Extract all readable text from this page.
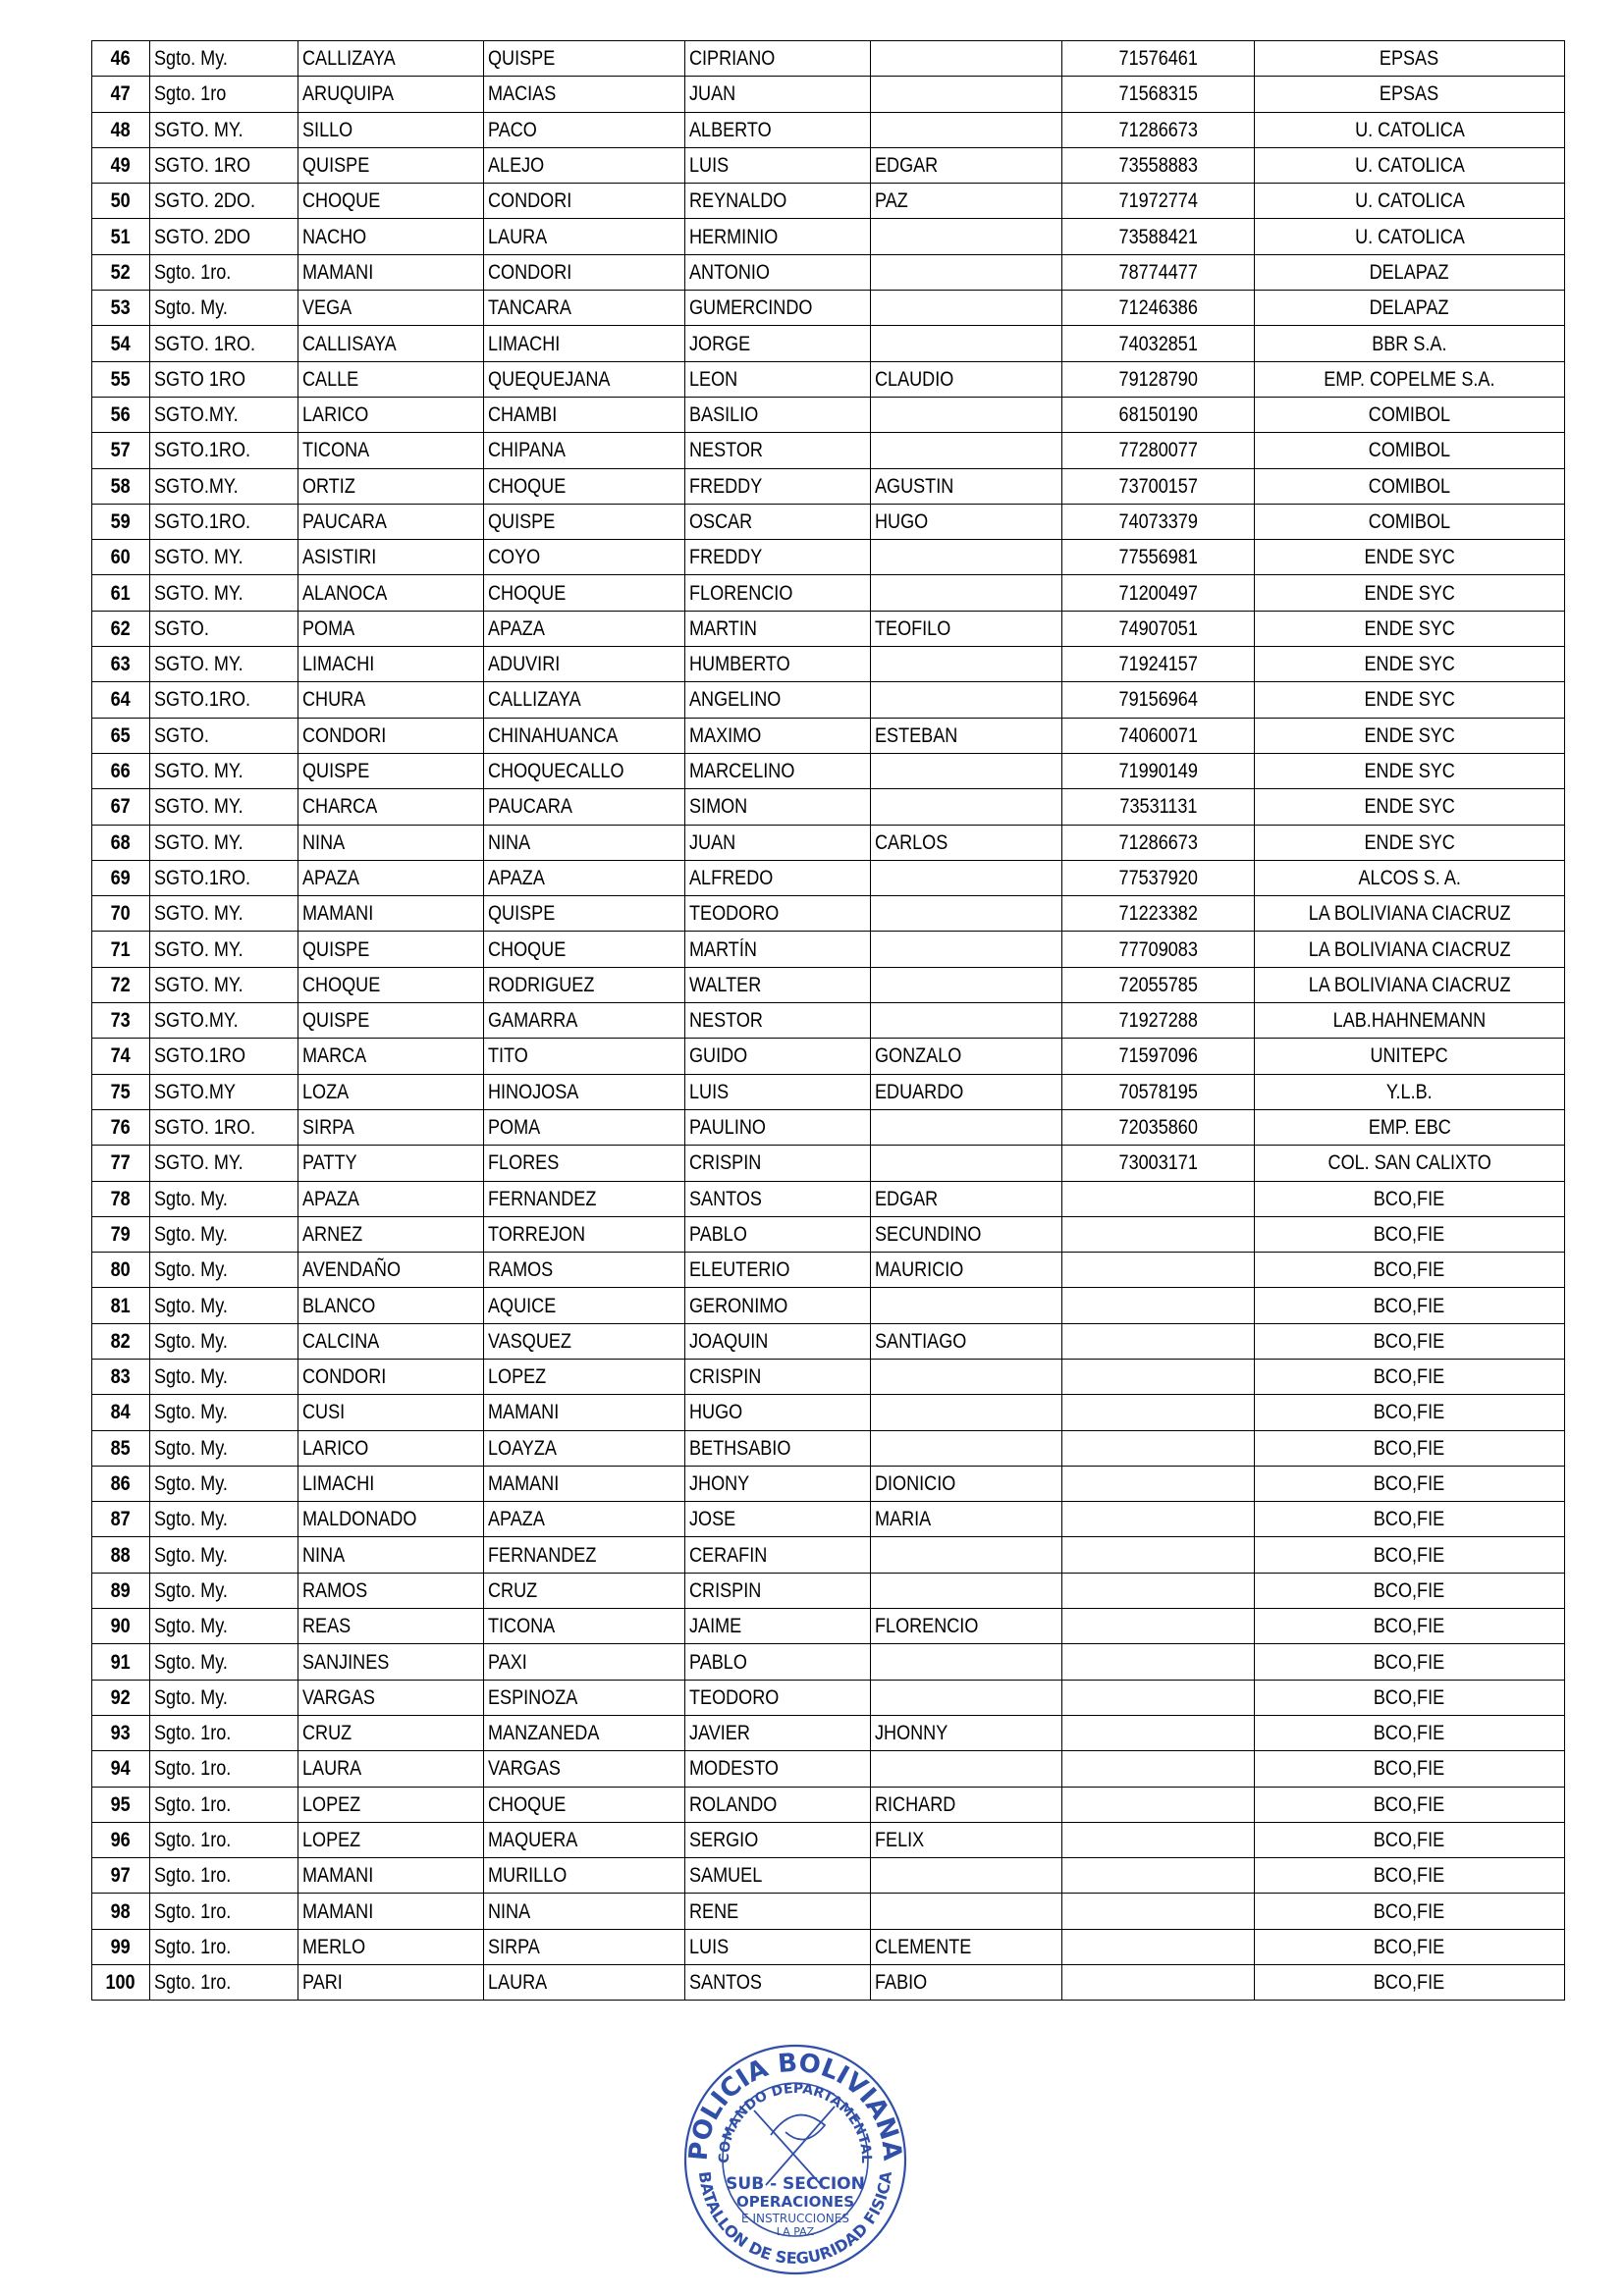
46	Sgto. My.	CALLIZAYA	QUISPE	CIPRIANO		71576461	EPSAS
47	Sgto. 1ro	ARUQUIPA	MACIAS	JUAN		71568315	EPSAS
48	SGTO. MY.	SILLO	PACO	ALBERTO		71286673	U. CATOLICA
49	SGTO. 1RO	QUISPE	ALEJO	LUIS	EDGAR	73558883	U. CATOLICA
50	SGTO. 2DO.	CHOQUE	CONDORI	REYNALDO	PAZ	71972774	U. CATOLICA
51	SGTO. 2DO	NACHO	LAURA	HERMINIO		73588421	U. CATOLICA
52	Sgto. 1ro.	MAMANI	CONDORI	ANTONIO		78774477	DELAPAZ
53	Sgto. My.	VEGA	TANCARA	GUMERCINDO		71246386	DELAPAZ
54	SGTO. 1RO.	CALLISAYA	LIMACHI	JORGE		74032851	BBR S.A.
55	SGTO 1RO	CALLE	QUEQUEJANA	LEON	CLAUDIO	79128790	EMP. COPELME S.A.
56	SGTO.MY.	LARICO	CHAMBI	BASILIO		68150190	COMIBOL
57	SGTO.1RO.	TICONA	CHIPANA	NESTOR		77280077	COMIBOL
58	SGTO.MY.	ORTIZ	CHOQUE	FREDDY	AGUSTIN	73700157	COMIBOL
59	SGTO.1RO.	PAUCARA	QUISPE	OSCAR	HUGO	74073379	COMIBOL
60	SGTO. MY.	ASISTIRI	COYO	FREDDY		77556981	ENDE SYC
61	SGTO. MY.	ALANOCA	CHOQUE	FLORENCIO		71200497	ENDE SYC
62	SGTO.	POMA	APAZA	MARTIN	TEOFILO	74907051	ENDE SYC
63	SGTO. MY.	LIMACHI	ADUVIRI	HUMBERTO		71924157	ENDE SYC
64	SGTO.1RO.	CHURA	CALLIZAYA	ANGELINO		79156964	ENDE SYC
65	SGTO.	CONDORI	CHINAHUANCA	MAXIMO	ESTEBAN	74060071	ENDE SYC
66	SGTO. MY.	QUISPE	CHOQUECALLO	MARCELINO		71990149	ENDE SYC
67	SGTO. MY.	CHARCA	PAUCARA	SIMON		73531131	ENDE SYC
68	SGTO. MY.	NINA	NINA	JUAN	CARLOS	71286673	ENDE SYC
69	SGTO.1RO.	APAZA	APAZA	ALFREDO		77537920	ALCOS S. A.
70	SGTO. MY.	MAMANI	QUISPE	TEODORO		71223382	LA BOLIVIANA CIACRUZ
71	SGTO. MY.	QUISPE	CHOQUE	MARTÍN		77709083	LA BOLIVIANA CIACRUZ
72	SGTO. MY.	CHOQUE	RODRIGUEZ	WALTER		72055785	LA BOLIVIANA CIACRUZ
73	SGTO.MY.	QUISPE	GAMARRA	NESTOR		71927288	LAB.HAHNEMANN
74	SGTO.1RO	MARCA	TITO	GUIDO	GONZALO	71597096	UNITEPC
75	SGTO.MY	LOZA	HINOJOSA	LUIS	EDUARDO	70578195	Y.L.B.
76	SGTO. 1RO.	SIRPA	POMA	PAULINO		72035860	EMP. EBC
77	SGTO. MY.	PATTY	FLORES	CRISPIN		73003171	COL. SAN CALIXTO
78	Sgto. My.	APAZA	FERNANDEZ	SANTOS	EDGAR		BCO,FIE
79	Sgto. My.	ARNEZ	TORREJON	PABLO	SECUNDINO		BCO,FIE
80	Sgto. My.	AVENDAÑO	RAMOS	ELEUTERIO	MAURICIO		BCO,FIE
81	Sgto. My.	BLANCO	AQUICE	GERONIMO			BCO,FIE
82	Sgto. My.	CALCINA	VASQUEZ	JOAQUIN	SANTIAGO		BCO,FIE
83	Sgto. My.	CONDORI	LOPEZ	CRISPIN			BCO,FIE
84	Sgto. My.	CUSI	MAMANI	HUGO			BCO,FIE
85	Sgto. My.	LARICO	LOAYZA	BETHSABIO			BCO,FIE
86	Sgto. My.	LIMACHI	MAMANI	JHONY	DIONICIO		BCO,FIE
87	Sgto. My.	MALDONADO	APAZA	JOSE	MARIA		BCO,FIE
88	Sgto. My.	NINA	FERNANDEZ	CERAFIN			BCO,FIE
89	Sgto. My.	RAMOS	CRUZ	CRISPIN			BCO,FIE
90	Sgto. My.	REAS	TICONA	JAIME	FLORENCIO		BCO,FIE
91	Sgto. My.	SANJINES	PAXI	PABLO			BCO,FIE
92	Sgto. My.	VARGAS	ESPINOZA	TEODORO			BCO,FIE
93	Sgto. 1ro.	CRUZ	MANZANEDA	JAVIER	JHONNY		BCO,FIE
94	Sgto. 1ro.	LAURA	VARGAS	MODESTO			BCO,FIE
95	Sgto. 1ro.	LOPEZ	CHOQUE	ROLANDO	RICHARD		BCO,FIE
96	Sgto. 1ro.	LOPEZ	MAQUERA	SERGIO	FELIX		BCO,FIE
97	Sgto. 1ro.	MAMANI	MURILLO	SAMUEL			BCO,FIE
98	Sgto. 1ro.	MAMANI	NINA	RENE			BCO,FIE
99	Sgto. 1ro.	MERLO	SIRPA	LUIS	CLEMENTE		BCO,FIE
100	Sgto. 1ro.	PARI	LAURA	SANTOS	FABIO		BCO,FIE
POLICIA BOLIVIANA
COMANDO DEPARTAMENTAL
SUB - SECCION
OPERACIONES
E INSTRUCCIONES
LA PAZ
BATALLON DE SEGURIDAD FISICA
